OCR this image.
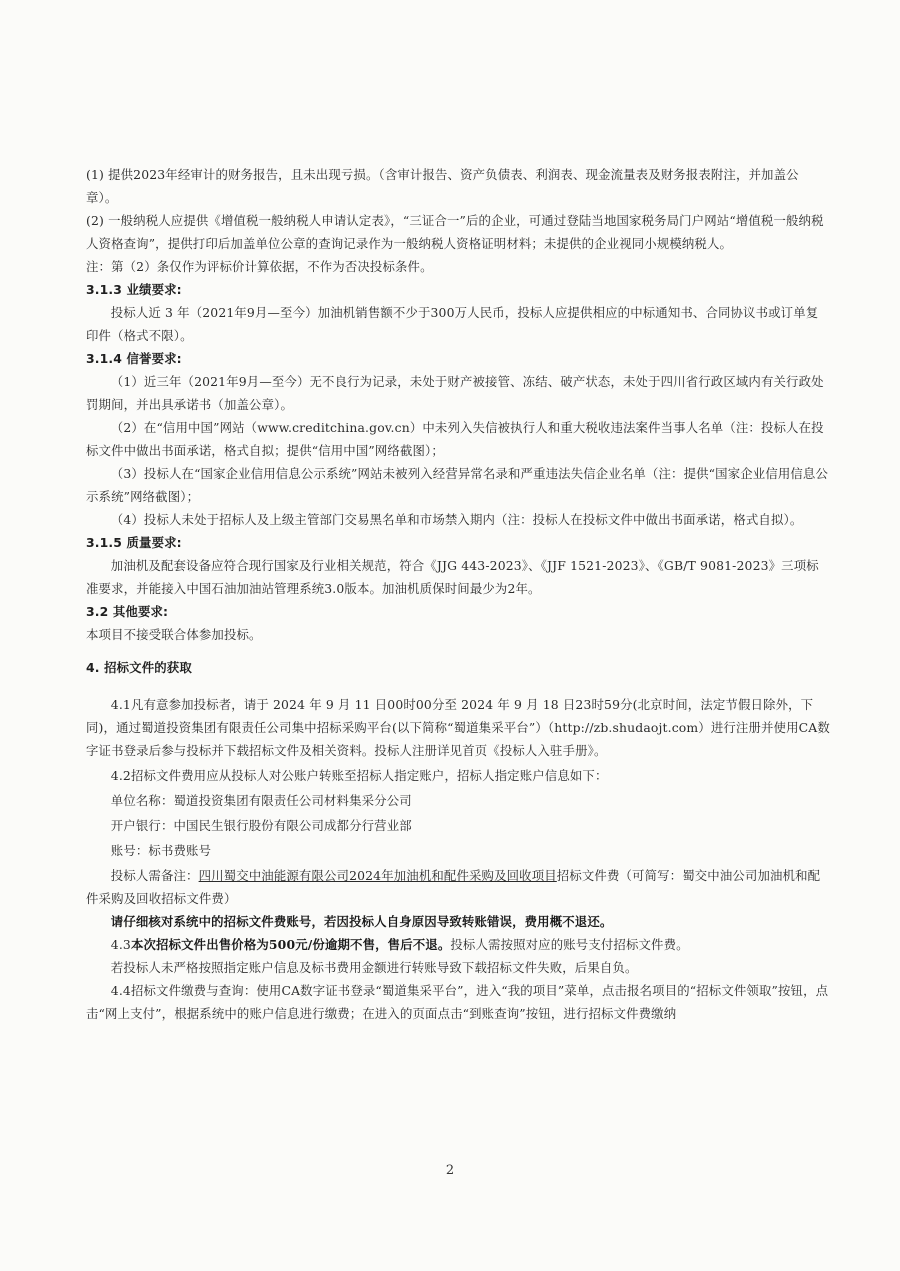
(1) 提供2023年经审计的财务报告，且未出现亏损。（含审计报告、资产负债表、利润表、现金流量表及财务报表附注，并加盖公章）。

(2) 一般纳税人应提供《增值税一般纳税人申请认定表》，“三证合一”后的企业，可通过登陆当地国家税务局门户网站“增值税一般纳税人资格查询”，提供打印后加盖单位公章的查询记录作为一般纳税人资格证明材料；未提供的企业视同小规模纳税人。

注：第（2）条仅作为评标价计算依据，不作为否决投标条件。

3.1.3 业绩要求:

投标人近 3 年（2021年9月—至今）加油机销售额不少于300万人民币，投标人应提供相应的中标通知书、合同协议书或订单复印件（格式不限）。

3.1.4 信誉要求:

（1）近三年（2021年9月—至今）无不良行为记录，未处于财产被接管、冻结、破产状态，未处于四川省行政区域内有关行政处罚期间，并出具承诺书（加盖公章）。

（2）在“信用中国”网站（www.creditchina.gov.cn）中未列入失信被执行人和重大税收违法案件当事人名单（注：投标人在投标文件中做出书面承诺，格式自拟；提供“信用中国”网络截图）；

（3）投标人在“国家企业信用信息公示系统”网站未被列入经营异常名录和严重违法失信企业名单（注：提供“国家企业信用信息公示系统”网络截图）；

（4）投标人未处于招标人及上级主管部门交易黑名单和市场禁入期内（注：投标人在投标文件中做出书面承诺，格式自拟）。

3.1.5 质量要求:

加油机及配套设备应符合现行国家及行业相关规范，符合《JJG 443-2023》、《JJF 1521-2023》、《GB/T 9081-2023》三项标准要求，并能接入中国石油加油站管理系统3.0版本。加油机质保时间最少为2年。

3.2 其他要求:

本项目不接受联合体参加投标。

4. 招标文件的获取

4.1凡有意参加投标者，请于 2024 年 9 月 11 日00时00分至 2024 年 9 月 18 日23时59分(北京时间，法定节假日除外，下同)，通过蜀道投资集团有限责任公司集中招标采购平台(以下简称“蜀道集采平台”）（http://zb.shudaojt.com）进行注册并使用CA数字证书登录后参与投标并下载招标文件及相关资料。投标人注册详见首页《投标人入驻手册》。

4.2招标文件费用应从投标人对公账户转账至招标人指定账户，招标人指定账户信息如下：

单位名称：蜀道投资集团有限责任公司材料集采分公司

开户银行：中国民生银行股份有限公司成都分行营业部

账号：标书费账号

投标人需备注：四川蜀交中油能源有限公司2024年加油机和配件采购及回收项目招标文件费（可简写：蜀交中油公司加油机和配件采购及回收招标文件费）

请仔细核对系统中的招标文件费账号，若因投标人自身原因导致转账错误，费用概不退还。

4.3本次招标文件出售价格为500元/份逾期不售，售后不退。投标人需按照对应的账号支付招标文件费。

若投标人未严格按照指定账户信息及标书费用金额进行转账导致下载招标文件失败，后果自负。

4.4招标文件缴费与查询：使用CA数字证书登录“蜀道集采平台”，进入“我的项目”菜单，点击报名项目的“招标文件领取”按钮，点击“网上支付”，根据系统中的账户信息进行缴费；在进入的页面点击“到账查询”按钮，进行招标文件费缴纳

2
